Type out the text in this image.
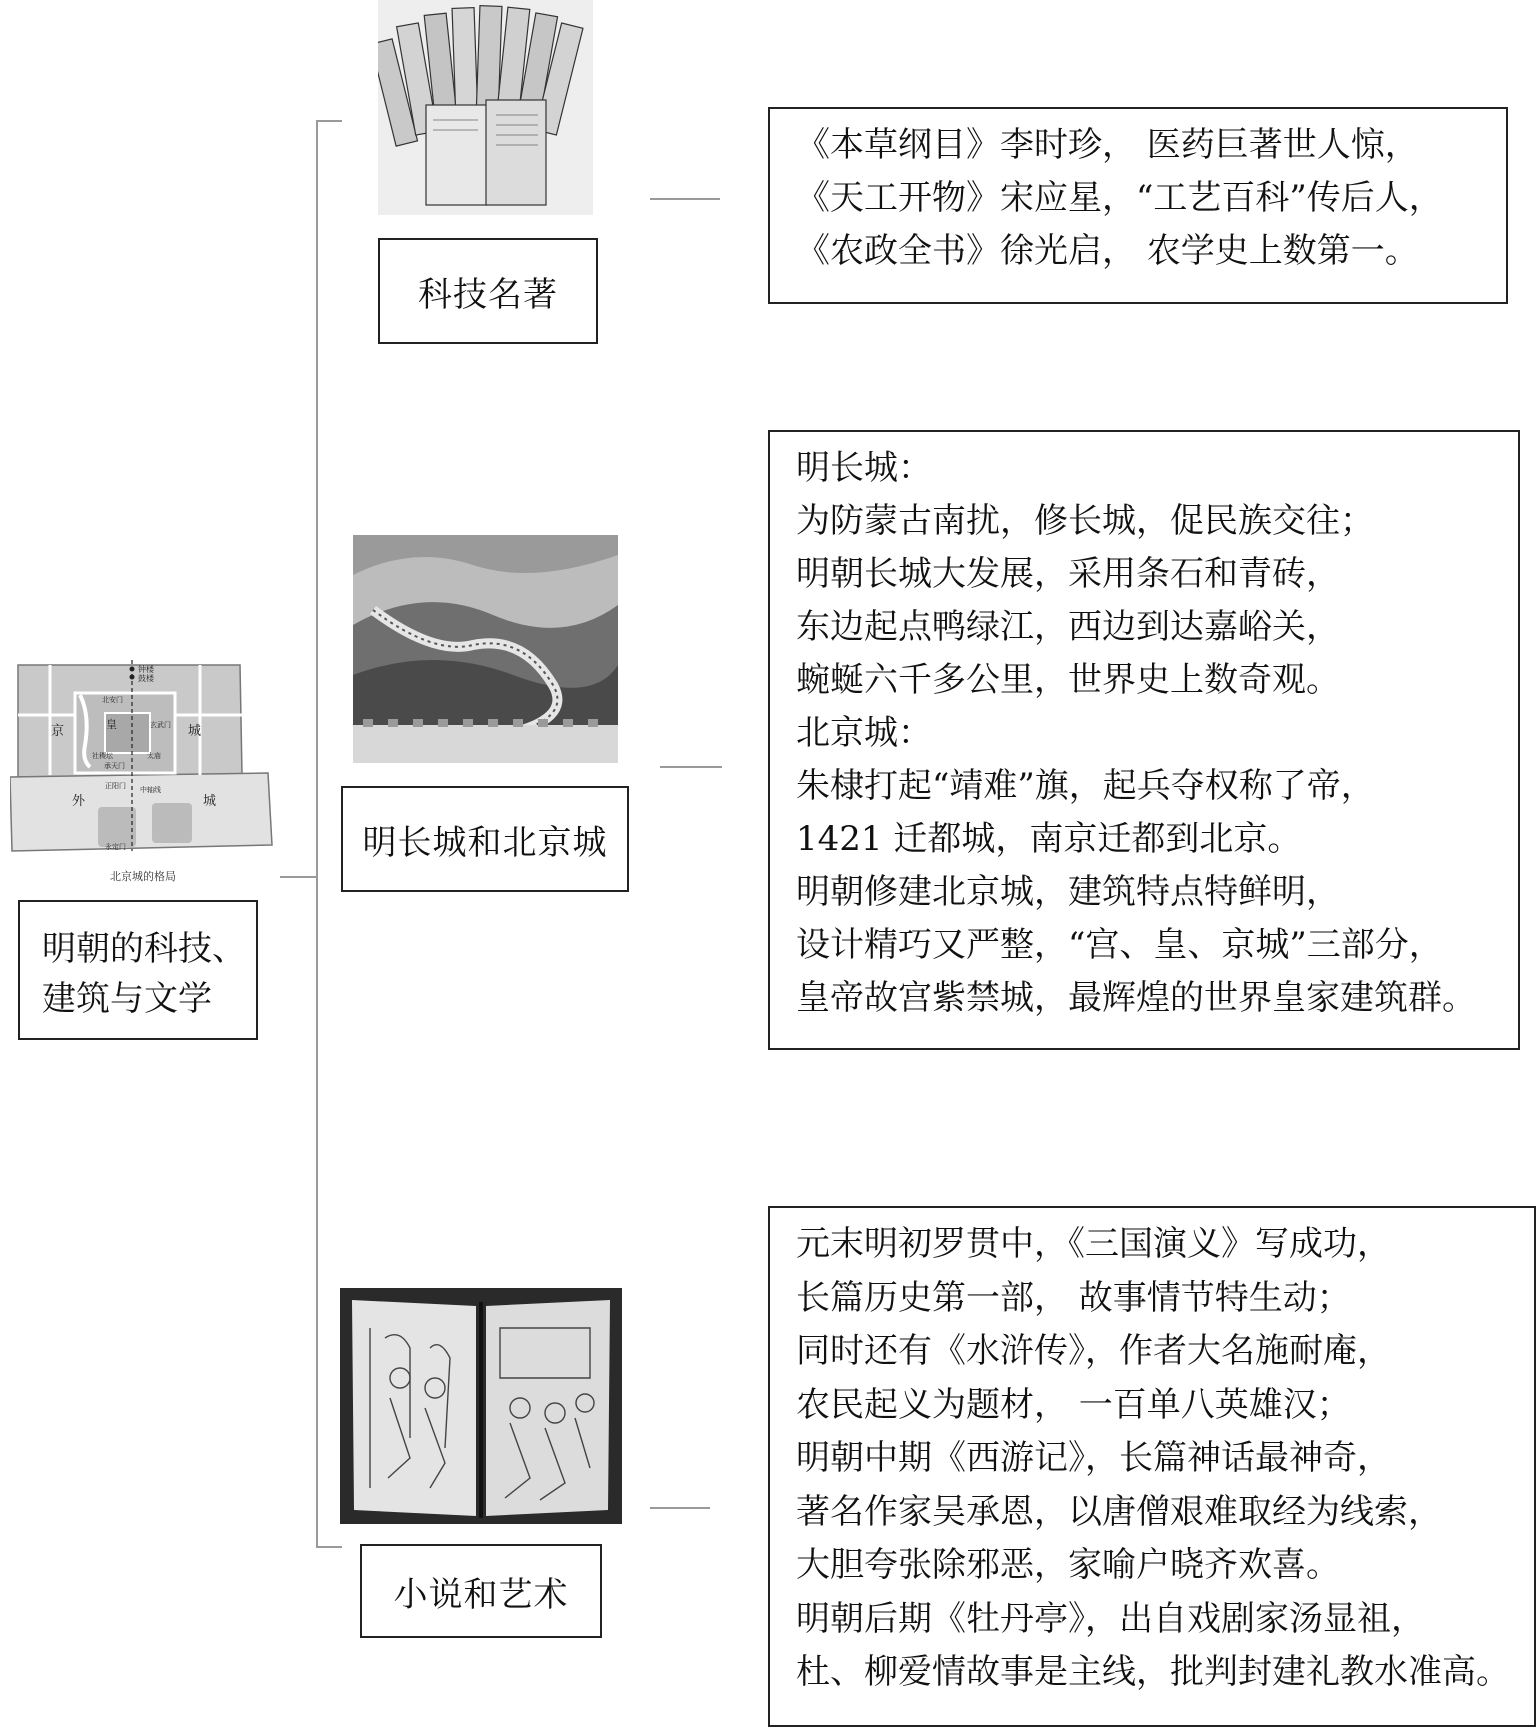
京	城
外	城
皇
钟楼
鼓楼
北安门
玄武门
社稷坛	太庙
承天门
正阳门 中轴线
永定门
北京城的格局
明朝的科技、
建筑与文学
科技名著
《本草纲目》李时珍， 医药巨著世人惊，
《天工开物》宋应星，“工艺百科”传后人，
《农政全书》徐光启， 农学史上数第一。
明长城和北京城
明长城：
为防蒙古南扰，修长城，促民族交往；
明朝长城大发展，采用条石和青砖，
东边起点鸭绿江，西边到达嘉峪关，
蜿蜒六千多公里，世界史上数奇观。
北京城：
朱棣打起“靖难”旗，起兵夺权称了帝，
1421 迁都城，南京迁都到北京。
明朝修建北京城，建筑特点特鲜明，
设计精巧又严整，“宫、皇、京城”三部分，
皇帝故宫紫禁城，最辉煌的世界皇家建筑群。
小说和艺术
元末明初罗贯中，《三国演义》写成功，
长篇历史第一部， 故事情节特生动；
同时还有《水浒传》，作者大名施耐庵，
农民起义为题材， 一百单八英雄汉；
明朝中期《西游记》，长篇神话最神奇，
著名作家吴承恩，以唐僧艰难取经为线索，
大胆夸张除邪恶，家喻户晓齐欢喜。
明朝后期《牡丹亭》，出自戏剧家汤显祖，
杜、柳爱情故事是主线，批判封建礼教水准高。
